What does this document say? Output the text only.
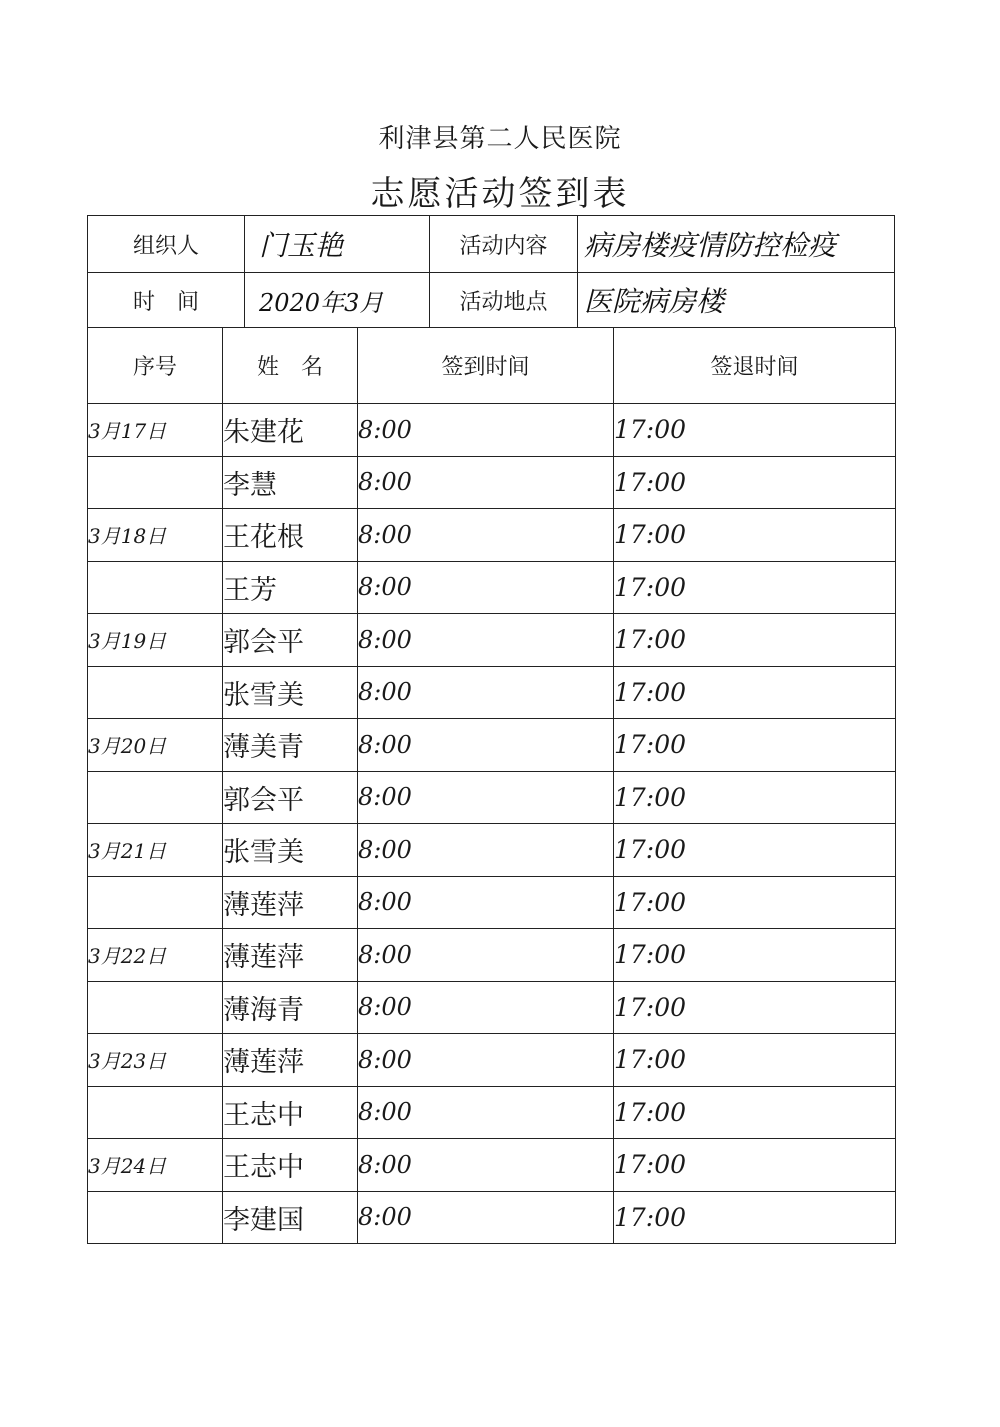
利津县第二人民医院
志愿活动签到表
组织人	门玉艳	活动内容	病房楼疫情防控检疫
时　间	2020年3月	活动地点	医院病房楼
序号	姓　名	签到时间	签退时间
3月17日	朱建花	8:00	17:00
	李慧	8:00	17:00
3月18日	王花根	8:00	17:00
	王芳	8:00	17:00
3月19日	郭会平	8:00	17:00
	张雪美	8:00	17:00
3月20日	薄美青	8:00	17:00
	郭会平	8:00	17:00
3月21日	张雪美	8:00	17:00
	薄莲萍	8:00	17:00
3月22日	薄莲萍	8:00	17:00
	薄海青	8:00	17:00
3月23日	薄莲萍	8:00	17:00
	王志中	8:00	17:00
3月24日	王志中	8:00	17:00
	李建国	8:00	17:00
